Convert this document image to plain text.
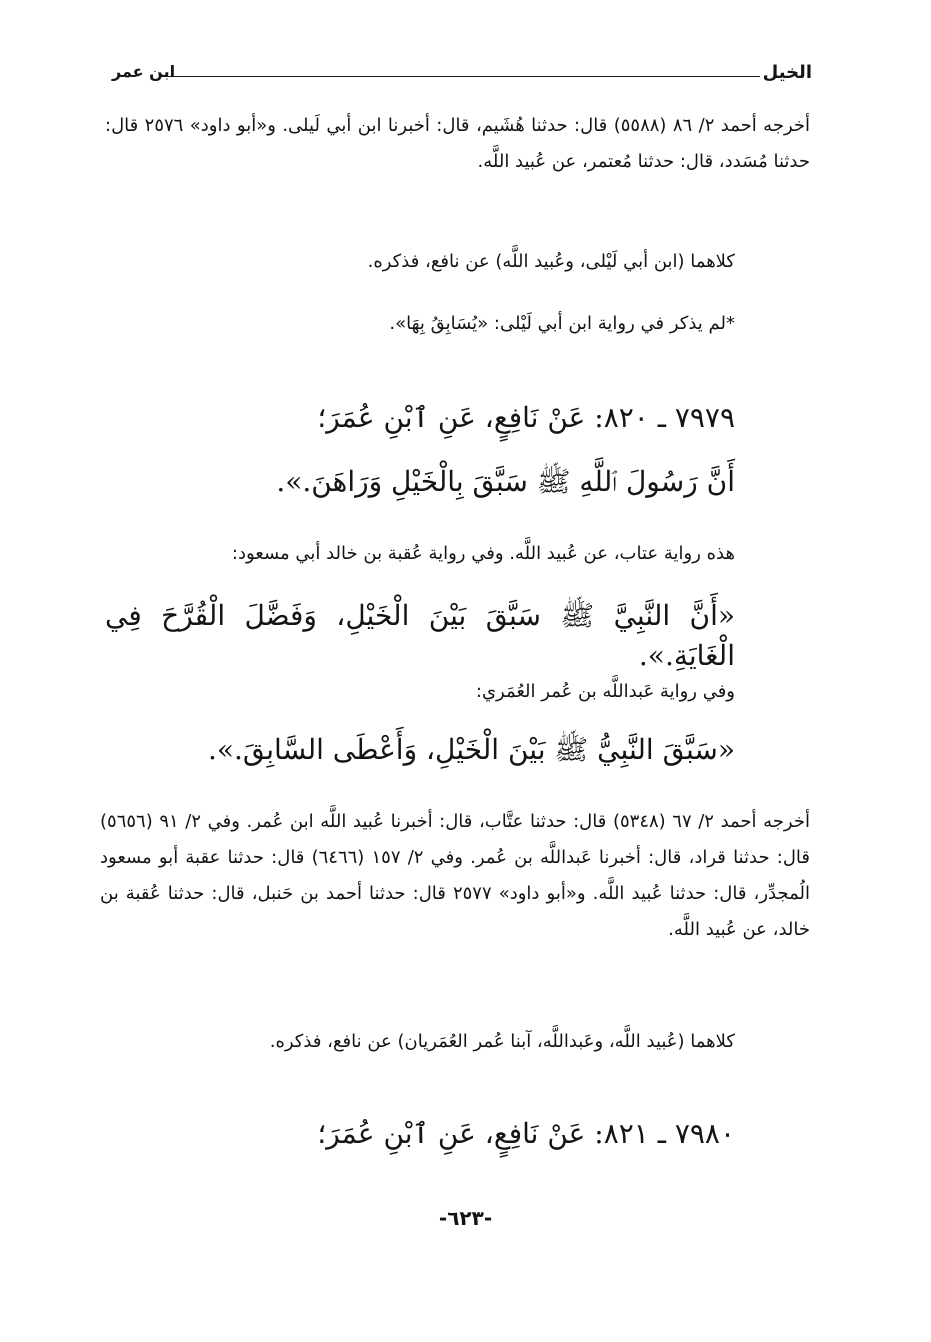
الخيل
ابن عمر
أخرجه أحمد ٢/ ٨٦ (٥٥٨٨) قال: حدثنا هُشَيم، قال: أخبرنا ابن أبي لَيلى. و«أبو داود» ٢٥٧٦ قال: حدثنا مُسَدد، قال: حدثنا مُعتمر، عن عُبيد اللَّه.
كلاهما (ابن أبي لَيْلى، وعُبيد اللَّه) عن نافع، فذكره.
*لم يذكر في رواية ابن أبي لَيْلى: «يُسَابِقُ بِهَا».
٧٩٧٩ ـ ٨٢٠: عَنْ نَافِعٍ، عَنِ ٱبْنِ عُمَرَ؛
أَنَّ رَسُولَ ٱللَّهِ ﷺ سَبَّقَ بِالْخَيْلِ وَرَاهَنَ.».
هذه رواية عتاب، عن عُبيد اللَّه. وفي رواية عُقبة بن خالد أبي مسعود:
«أَنَّ النَّبِيَّ ﷺ سَبَّقَ بَيْنَ الْخَيْلِ، وَفَضَّلَ الْقُرَّحَ فِي الْغَايَةِ.».
وفي رواية عَبداللَّه بن عُمر العُمَري:
«سَبَّقَ النَّبِيُّ ﷺ بَيْنَ الْخَيْلِ، وَأَعْطَى السَّابِقَ.».
أخرجه أحمد ٢/ ٦٧ (٥٣٤٨) قال: حدثنا عتَّاب، قال: أخبرنا عُبيد اللَّه ابن عُمر. وفي ٢/ ٩١ (٥٦٥٦) قال: حدثنا قراد، قال: أخبرنا عَبداللَّه بن عُمر. وفي ٢/ ١٥٧ (٦٤٦٦) قال: حدثنا عقبة أبو مسعود الُمجدِّر، قال: حدثنا عُبيد اللَّه. و«أبو داود» ٢٥٧٧ قال: حدثنا أحمد بن حَنبل، قال: حدثنا عُقبة بن خالد، عن عُبيد اللَّه.
كلاهما (عُبيد اللَّه، وعَبداللَّه، آبنا عُمر العُمَريان) عن نافع، فذكره.
٧٩٨٠ ـ ٨٢١: عَنْ نَافِعٍ، عَنِ ٱبْنِ عُمَرَ؛
-٦٢٣-
